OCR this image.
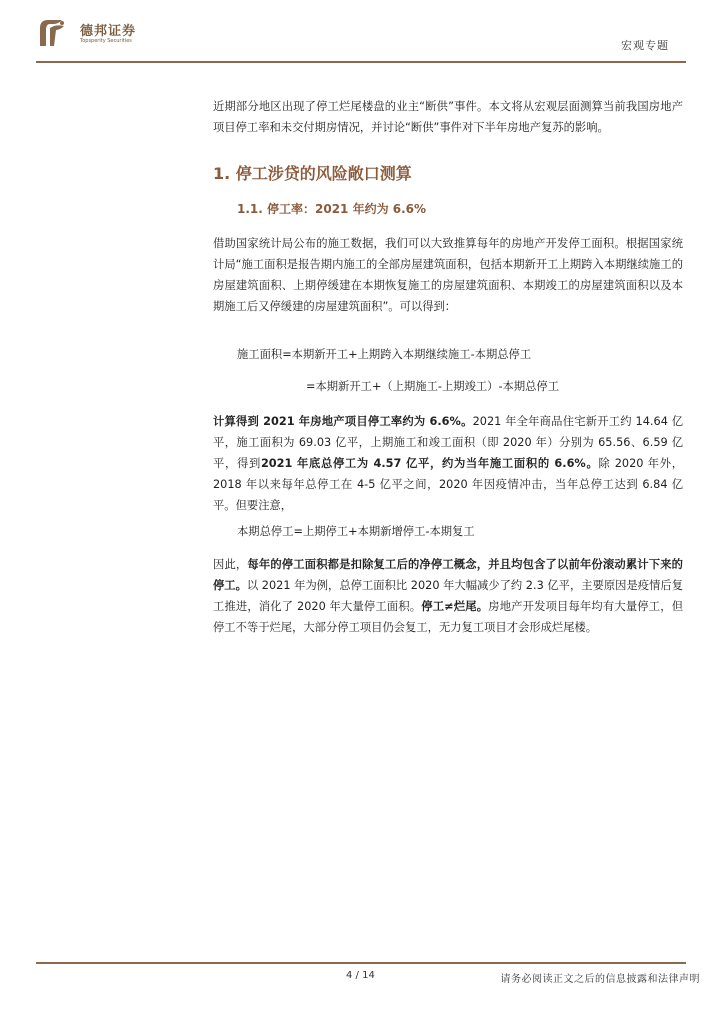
德邦证券
Topsperity Securities	宏观专题

近期部分地区出现了停工烂尾楼盘的业主“断供”事件。本文将从宏观层面测算当前我国房地产项目停工率和未交付期房情况，并讨论“断供”事件对下半年房地产复苏的影响。

1. 停工涉贷的风险敞口测算
1.1. 停工率：2021 年约为 6.6%

借助国家统计局公布的施工数据，我们可以大致推算每年的房地产开发停工面积。根据国家统计局“施工面积是报告期内施工的全部房屋建筑面积，包括本期新开工上期跨入本期继续施工的房屋建筑面积、上期停缓建在本期恢复施工的房屋建筑面积、本期竣工的房屋建筑面积以及本期施工后又停缓建的房屋建筑面积”。可以得到：

施工面积=本期新开工+上期跨入本期继续施工-本期总停工
=本期新开工+（上期施工-上期竣工）-本期总停工

计算得到 2021 年房地产项目停工率约为 6.6%。2021 年全年商品住宅新开工约 14.64 亿平，施工面积为 69.03 亿平，上期施工和竣工面积（即 2020 年）分别为 65.56、6.59 亿平，得到2021 年底总停工为 4.57 亿平，约为当年施工面积的 6.6%。除 2020 年外，2018 年以来每年总停工在 4-5 亿平之间，2020 年因疫情冲击，当年总停工达到 6.84 亿平。但要注意，

本期总停工=上期停工+本期新增停工-本期复工

因此，每年的停工面积都是扣除复工后的净停工概念，并且均包含了以前年份滚动累计下来的停工。以 2021 年为例，总停工面积比 2020 年大幅减少了约 2.3 亿平，主要原因是疫情后复工推进，消化了 2020 年大量停工面积。停工≠烂尾。房地产开发项目每年均有大量停工，但停工不等于烂尾，大部分停工项目仍会复工，无力复工项目才会形成烂尾楼。

4 / 14	请务必阅读正文之后的信息披露和法律声明
